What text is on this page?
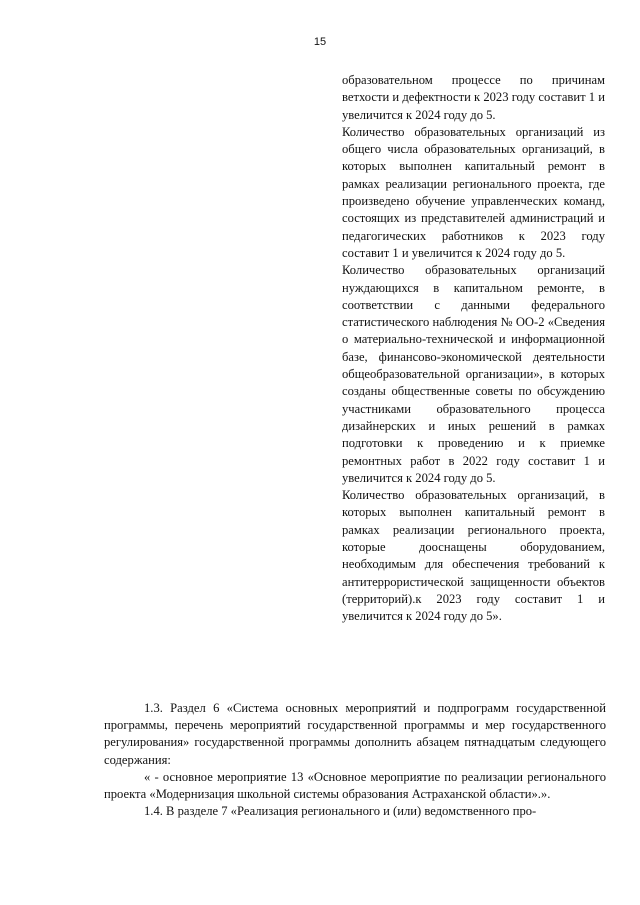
15

образовательном процессе по причинам ветхости и дефектности к 2023 году составит 1 и увеличится к 2024 году до 5.

Количество образовательных организаций из общего числа образовательных организаций, в которых выполнен капитальный ремонт в рамках реализации регионального проекта, где произведено обучение управленческих команд, состоящих из представителей администраций и педагогических работников к 2023 году составит 1 и увеличится к 2024 году до 5.

Количество образовательных организаций нуждающихся в капитальном ремонте, в соответствии с данными федерального статистического наблюдения № ОО-2 «Сведения о материально-технической и информационной базе, финансово-экономической деятельности общеобразовательной организации», в которых созданы общественные советы по обсуждению участниками образовательного процесса дизайнерских и иных решений в рамках подготовки к проведению и к приемке ремонтных работ в 2022 году составит 1 и увеличится к 2024 году до 5.

Количество образовательных организаций, в которых выполнен капитальный ремонт в рамках реализации регионального проекта, которые дооснащены оборудованием, необходимым для обеспечения требований к антитеррористической защищенности объектов (территорий).к 2023 году составит 1 и увеличится к 2024 году до 5».

1.3. Раздел 6 «Система основных мероприятий и подпрограмм государственной программы, перечень мероприятий государственной программы и мер государственного регулирования» государственной программы дополнить абзацем пятнадцатым следующего содержания:

« - основное мероприятие 13 «Основное мероприятие по реализации регионального проекта «Модернизация школьной системы образования Астраханской области».».

1.4. В разделе 7 «Реализация регионального и (или) ведомственного про-
